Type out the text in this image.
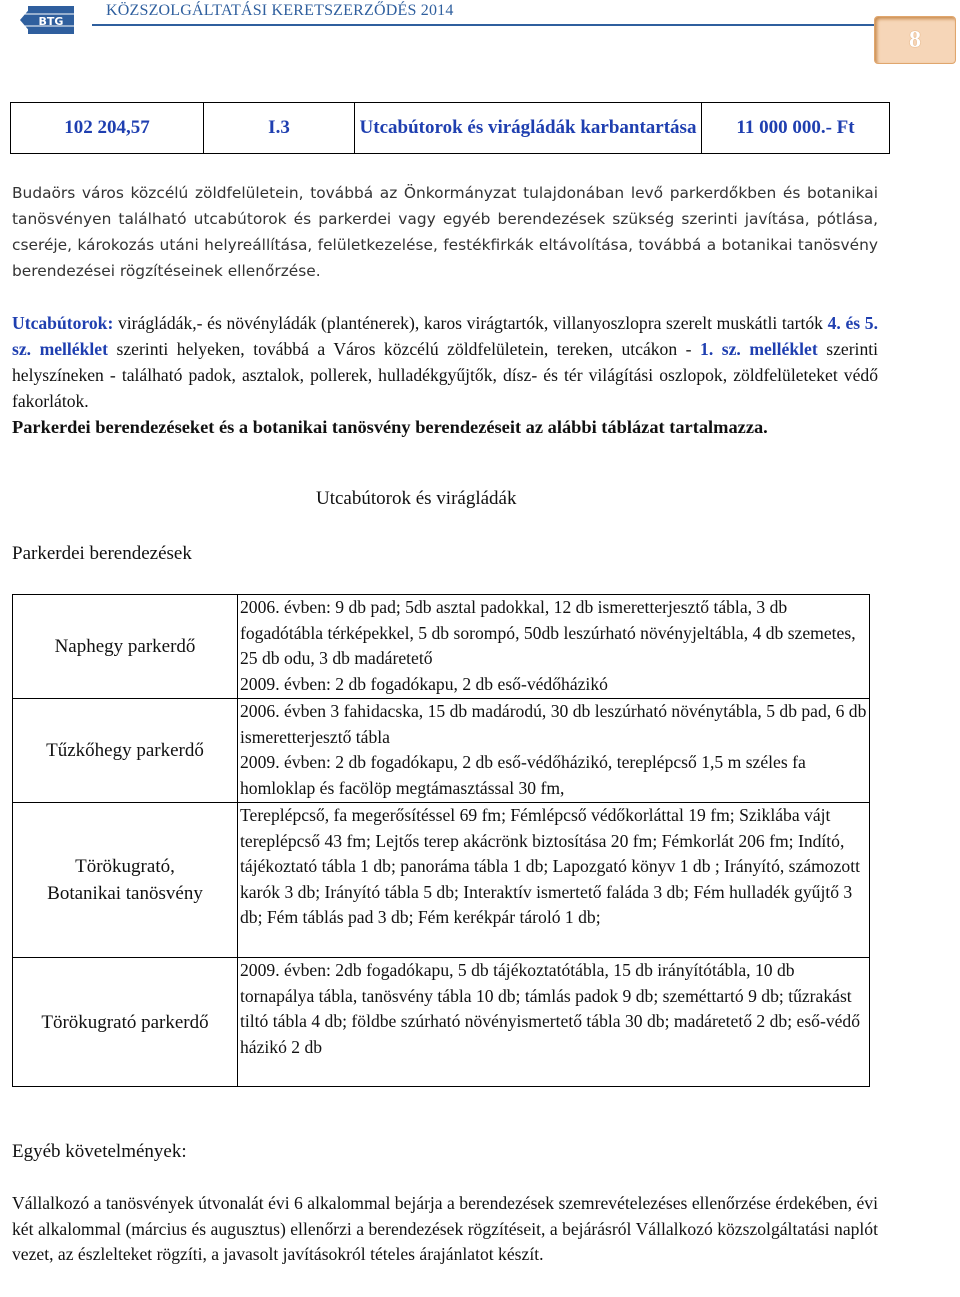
BTG
KÖZSZOLGÁLTATÁSI KERETSZERZŐDÉS 2014
8
102 204,57	I.3	Utcabútorok és virágládák karbantartása	11 000 000.- Ft
Budaörs város közcélú zöldfelületein, továbbá az Önkormányzat tulajdonában levő parkerdőkben és botanikai tanösvényen található utcabútorok és parkerdei vagy egyéb berendezések szükség szerinti javítása, pótlása, cseréje, károkozás utáni helyreállítása, felületkezelése, festékfirkák eltávolítása, továbbá a botanikai tanösvény berendezései rögzítéseinek ellenőrzése.

Utcabútorok: virágládák,- és növényládák (planténerek), karos virágtartók, villanyoszlopra szerelt muskátli tartók 4. és 5. sz. melléklet szerinti helyeken, továbbá a Város közcélú zöldfelületein, tereken, utcákon - 1. sz. melléklet szerinti helyszíneken - található padok, asztalok, pollerek, hulladékgyűjtők, dísz- és tér világítási oszlopok, zöldfelületeket védő fakorlátok.

Parkerdei berendezéseket és a botanikai tanösvény berendezéseit az alábbi táblázat tartalmazza.

Utcabútorok és virágládák
Parkerdei berendezések
Naphegy parkerdő	2006. évben: 9 db pad; 5db asztal padokkal, 12 db ismeretterjesztő tábla, 3 db fogadótábla térképekkel, 5 db sorompó, 50db leszúrható növényjeltábla, 4 db szemetes, 25 db odu, 3 db madáretető
2009. évben: 2 db fogadókapu, 2 db eső-védőházikó
Tűzkőhegy parkerdő	2006. évben 3 fahidacska, 15 db madárodú, 30 db leszúrható növénytábla, 5 db pad, 6 db ismeretterjesztő tábla
2009. évben: 2 db fogadókapu, 2 db eső-védőházikó, tereplépcső 1,5 m széles fa homloklap és facölöp megtámasztással 30 fm,
Törökugrató,
Botanikai tanösvény	Tereplépcső, fa megerősítéssel 69 fm; Fémlépcső védőkorláttal 19 fm; Sziklába vájt tereplépcső 43 fm; Lejtős terep akácrönk biztosítása 20 fm; Fémkorlát 206 fm; Indító, tájékoztató tábla 1 db; panoráma tábla 1 db; Lapozgató könyv 1 db ; Irányító, számozott karók 3 db; Irányító tábla 5 db; Interaktív ismertető faláda 3 db; Fém hulladék gyűjtő 3 db; Fém táblás pad 3 db; Fém kerékpár tároló 1 db;
Törökugrató parkerdő	2009. évben: 2db fogadókapu, 5 db tájékoztatótábla, 15 db irányítótábla, 10 db tornapálya tábla, tanösvény tábla 10 db; támlás padok 9 db; szeméttartó 9 db; tűzrakást tiltó tábla 4 db; földbe szúrható növényismertető tábla 30 db; madáretető 2 db; eső-védő házikó 2 db
Egyéb követelmények:
Vállalkozó a tanösvények útvonalát évi 6 alkalommal bejárja a berendezések szemrevételezéses ellenőrzése érdekében, évi két alkalommal (március és augusztus) ellenőrzi a berendezések rögzítéseit, a bejárásról Vállalkozó közszolgáltatási naplót vezet, az észlelteket rögzíti, a javasolt javításokról tételes árajánlatot készít.
